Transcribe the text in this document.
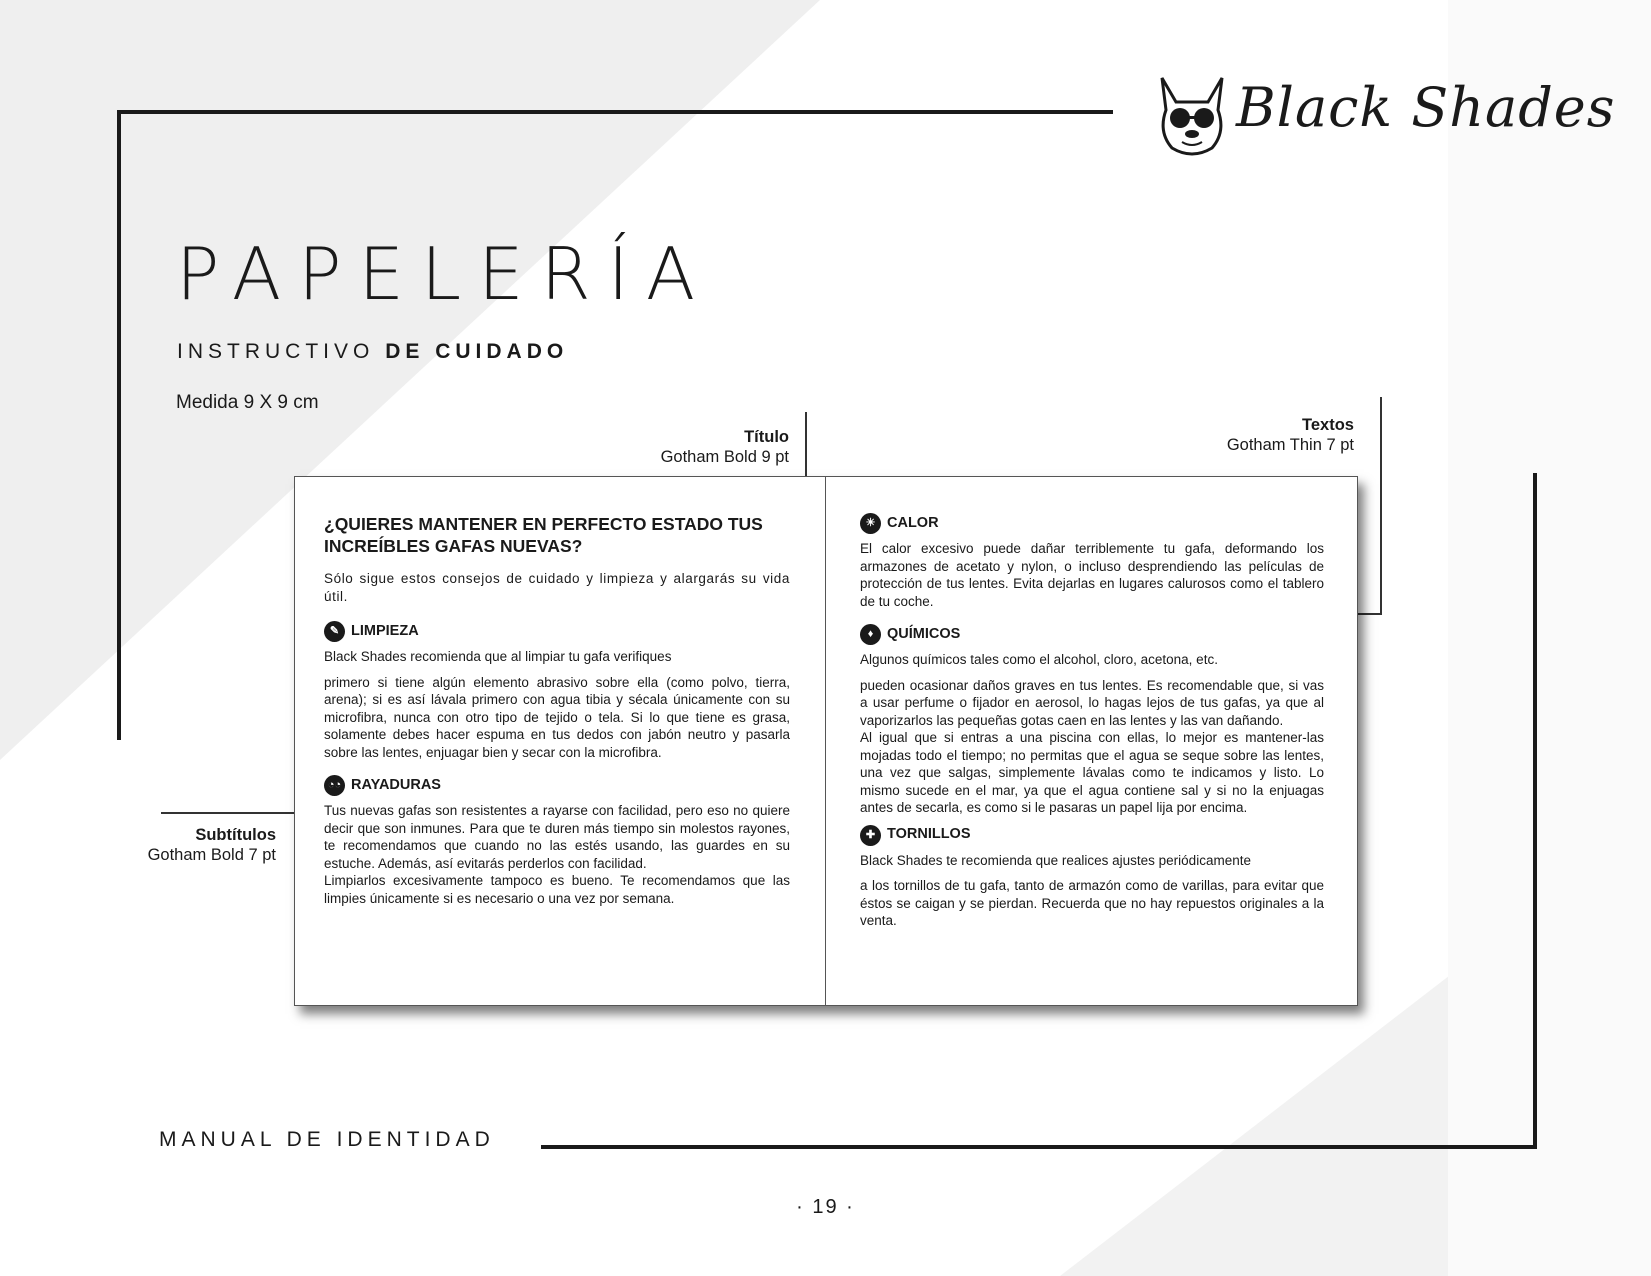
Black Shades
PAPELERÍA
INSTRUCTIVO DE CUIDADO
Medida 9 X 9 cm
Título
Gotham Bold 9 pt
Textos
Gotham Thin 7 pt
Subtítulos
Gotham Bold 7 pt
¿QUIERES MANTENER EN PERFECTO ESTADO TUS INCREÍBLES GAFAS NUEVAS?

Sólo sigue estos consejos de cuidado y limpieza y alargarás su vida útil.

✎ LIMPIEZA

Black Shades recomienda que al limpiar tu gafa verifiques

primero si tiene algún elemento abrasivo sobre ella (como polvo, tierra, arena); si es así lávala primero con agua tibia y sécala únicamente con su microfibra, nunca con otro tipo de tejido o tela. Si lo que tiene es grasa, solamente debes hacer espuma en tus dedos con jabón neutro y pasarla sobre las lentes, enjuagar bien y secar con la microfibra.

◔◔ RAYADURAS

Tus nuevas gafas son resistentes a rayarse con facilidad, pero eso no quiere decir que son inmunes. Para que te duren más tiempo sin molestos rayones, te recomendamos que cuando no las estés usando, las guardes en su estuche. Además, así evitarás perderlos con facilidad.

Limpiarlos excesivamente tampoco es bueno. Te recomendamos que las limpies únicamente si es necesario o una vez por semana.

☀ CALOR

El calor excesivo puede dañar terriblemente tu gafa, deformando los armazones de acetato y nylon, o incluso desprendiendo las películas de protección de tus lentes. Evita dejarlas en lugares calurosos como el tablero de tu coche.

♦ QUÍMICOS

Algunos químicos tales como el alcohol, cloro, acetona, etc.

pueden ocasionar daños graves en tus lentes. Es recomendable que, si vas a usar perfume o fijador en aerosol, lo hagas lejos de tus gafas, ya que al vaporizarlos las pequeñas gotas caen en las lentes y las van dañando.

Al igual que si entras a una piscina con ellas, lo mejor es mantener-las mojadas todo el tiempo; no permitas que el agua se seque sobre las lentes, una vez que salgas, simplemente lávalas como te indicamos y listo. Lo mismo sucede en el mar, ya que el agua contiene sal y si no la enjuagas antes de secarla, es como si le pasaras un papel lija por encima.

✚ TORNILLOS

Black Shades te recomienda que realices ajustes periódicamente

a los tornillos de tu gafa, tanto de armazón como de varillas, para evitar que éstos se caigan y se pierdan. Recuerda que no hay repuestos originales a la venta.

MANUAL DE IDENTIDAD
· 19 ·
